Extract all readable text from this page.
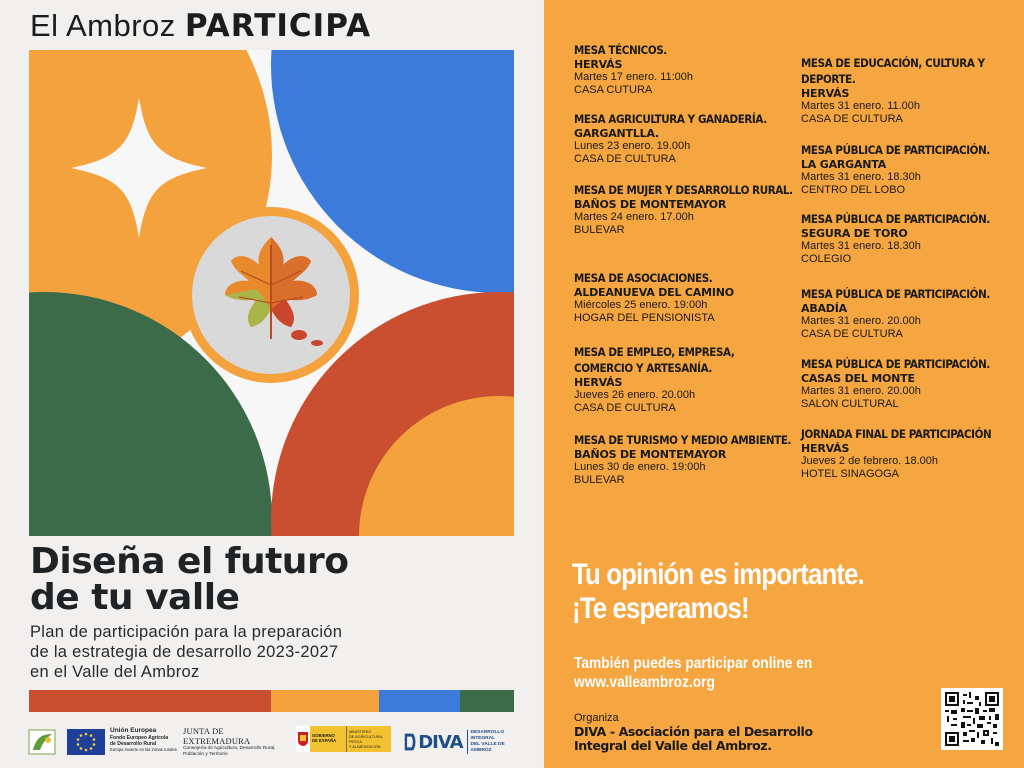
El Ambroz PARTICIPA
Diseña el futuro
de tu valle
Plan de participación para la preparación
de la estrategia de desarrollo 2023-2027
en el Valle del Ambroz
Unión Europea
Fondo Europeo Agrícola
de Desarrollo Rural
Europa invierte en las zonas rurales
JUNTA DE EXTREMADURA
Consejería de Agricultura, Desarrollo Rural,
Población y Territorio
GOBIERNO
DE ESPAÑA
MINISTERIO
DE AGRICULTURA, PESCA
Y ALIMENTACIÓN	DIVA DESARROLLO INTEGRAL
DEL VALLE DE AMBROZ
MESA TÉCNICOS.
HERVÁS
Martes 17 enero. 11:00h
CASA CUTURA
MESA AGRICULTURA Y GANADERÍA.
GARGANTLLA.
Lunes 23 enero. 19.00h
CASA DE CULTURA
MESA DE MUJER Y DESARROLLO RURAL.
BAÑOS DE MONTEMAYOR
Martes 24 enero. 17.00h
BULEVAR
MESA DE ASOCIACIONES.
ALDEANUEVA DEL CAMINO
Miércoles 25 enero. 19:00h
HOGAR DEL PENSIONISTA
MESA DE EMPLEO, EMPRESA, COMERCIO Y ARTESANÍA.
HERVÁS
Jueves 26 enero. 20.00h
CASA DE CULTURA
MESA DE TURISMO Y MEDIO AMBIENTE.
BAÑOS DE MONTEMAYOR
Lunes 30 de enero. 19:00h
BULEVAR
MESA DE EDUCACIÓN, CULTURA Y DEPORTE.
HERVÁS
Martes 31 enero. 11.00h
CASA DE CULTURA
MESA PÚBLICA DE PARTICIPACIÓN.
LA GARGANTA
Martes 31 enero. 18.30h
CENTRO DEL LOBO
MESA PÚBLICA DE PARTICIPACIÓN.
SEGURA DE TORO
Martes 31 enero. 18.30h
COLEGIO
MESA PÚBLICA DE PARTICIPACIÓN.
ABADÍA
Martes 31 enero. 20.00h
CASA DE CULTURA
MESA PÚBLICA DE PARTICIPACIÓN.
CASAS DEL MONTE
Martes 31 enero. 20.00h
SALON CULTURAL
JORNADA FINAL DE PARTICIPACIÓN
HERVÁS
Jueves 2 de febrero. 18.00h
HOTEL SINAGOGA
Tu opinión es importante.
¡Te esperamos!
También puedes participar online en
www.valleambroz.org
Organiza
DIVA - Asociación para el Desarrollo
Integral del Valle del Ambroz.
